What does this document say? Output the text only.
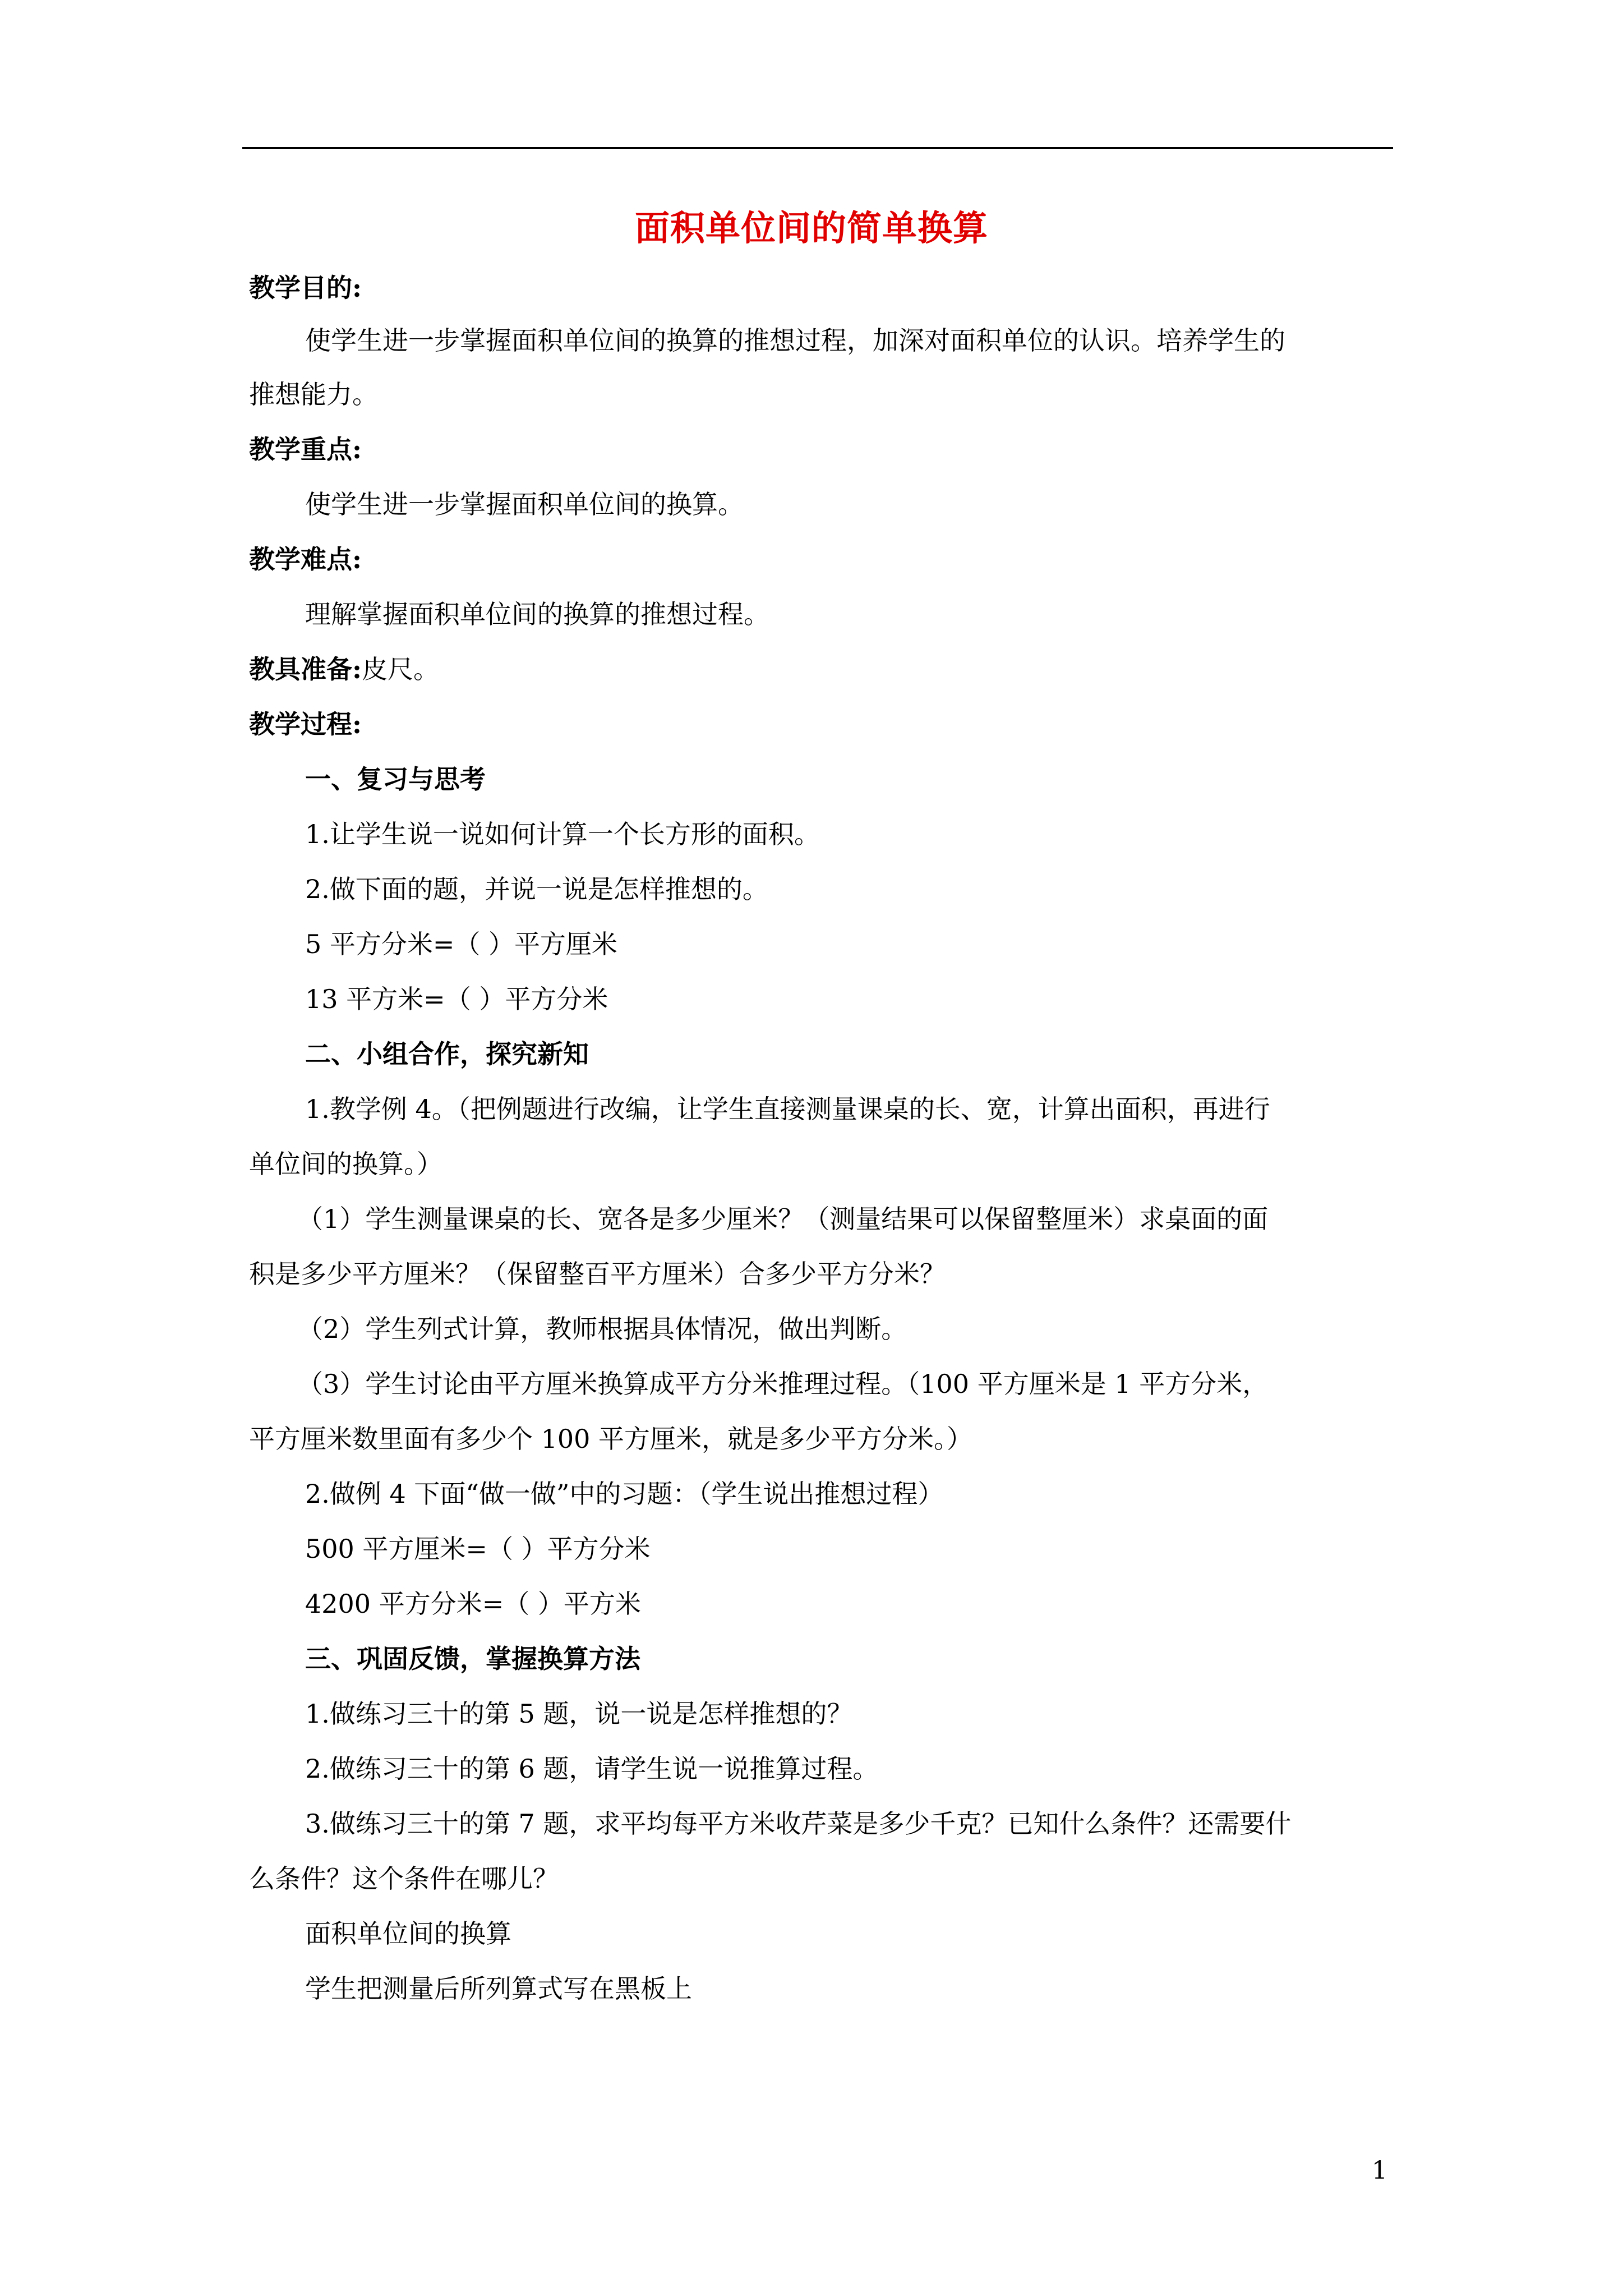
面积单位间的简单换算
教学目的:
使学生进一步掌握面积单位间的换算的推想过程，加深对面积单位的认识。培养学生的
推想能力。
教学重点:
使学生进一步掌握面积单位间的换算。
教学难点:
理解掌握面积单位间的换算的推想过程。
教具准备:皮尺。
教学过程:
一、复习与思考
1.让学生说一说如何计算一个长方形的面积。
2.做下面的题，并说一说是怎样推想的。
5 平方分米=（ ）平方厘米
13 平方米=（ ）平方分米
二、小组合作，探究新知
1.教学例 4。（把例题进行改编，让学生直接测量课桌的长、宽，计算出面积，再进行
单位间的换算。）
（1）学生测量课桌的长、宽各是多少厘米？（测量结果可以保留整厘米）求桌面的面
积是多少平方厘米？（保留整百平方厘米）合多少平方分米？
（2）学生列式计算，教师根据具体情况，做出判断。
（3）学生讨论由平方厘米换算成平方分米推理过程。（100 平方厘米是 1 平方分米，
平方厘米数里面有多少个 100 平方厘米，就是多少平方分米。）
2.做例 4 下面“做一做”中的习题：（学生说出推想过程）
500 平方厘米=（ ）平方分米
4200 平方分米=（ ）平方米
三、巩固反馈，掌握换算方法
1.做练习三十的第 5 题，说一说是怎样推想的？
2.做练习三十的第 6 题，请学生说一说推算过程。
3.做练习三十的第 7 题，求平均每平方米收芹菜是多少千克？已知什么条件？还需要什
么条件？这个条件在哪儿？
面积单位间的换算
学生把测量后所列算式写在黑板上
1
